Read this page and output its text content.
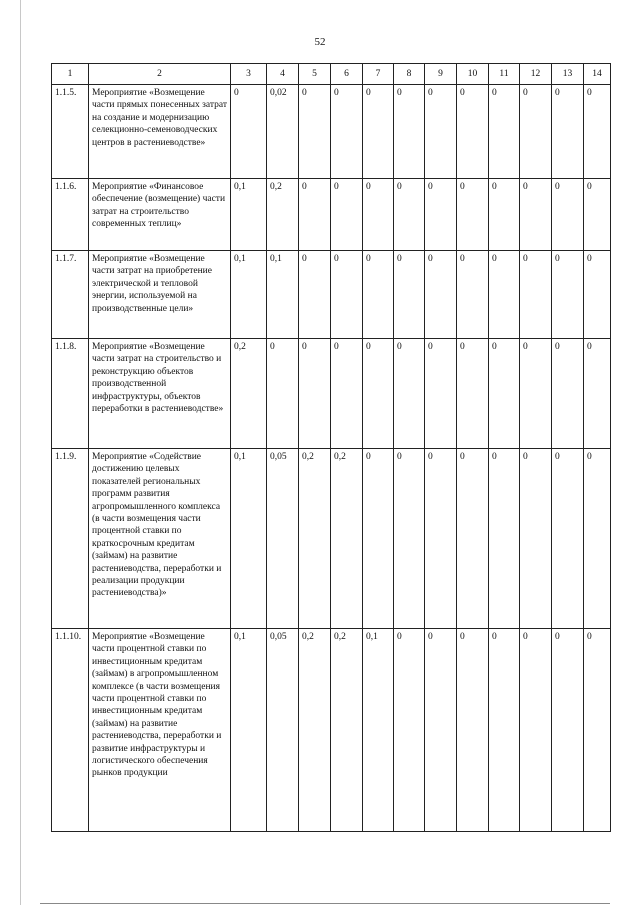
52
1	2	3	4	5	6	7	8	9	10	11	12	13	14
1.1.5.	Мероприятие «Возмещение части прямых понесенных затрат на создание и модернизацию селекционно-семеноводческих центров в растениеводстве»	0	0,02	0	0	0	0	0	0	0	0	0	0
1.1.6.	Мероприятие «Финансовое обеспечение (возмещение) части затрат на строительство современных теплиц»	0,1	0,2	0	0	0	0	0	0	0	0	0	0
1.1.7.	Мероприятие «Возмещение части затрат на приобретение электрической и тепловой энергии, используемой на производственные цели»	0,1	0,1	0	0	0	0	0	0	0	0	0	0
1.1.8.	Мероприятие «Возмещение части затрат на строительство и реконструкцию объектов производственной инфраструктуры, объектов переработки в растениеводстве»	0,2	0	0	0	0	0	0	0	0	0	0	0
1.1.9.	Мероприятие «Содействие достижению целевых показателей региональных программ развития агропромышленного комплекса (в части возмещения части процентной ставки по краткосрочным кредитам (займам) на развитие растениеводства, переработки и реализации продукции растениеводства)»	0,1	0,05	0,2	0,2	0	0	0	0	0	0	0	0
1.1.10.	Мероприятие «Возмещение части процентной ставки по инвестиционным кредитам (займам) в агропромышленном комплексе (в части возмещения части процентной ставки по инвестиционным кредитам (займам) на развитие растениеводства, переработки и развитие инфраструктуры и логистического обеспечения рынков продукции	0,1	0,05	0,2	0,2	0,1	0	0	0	0	0	0	0
